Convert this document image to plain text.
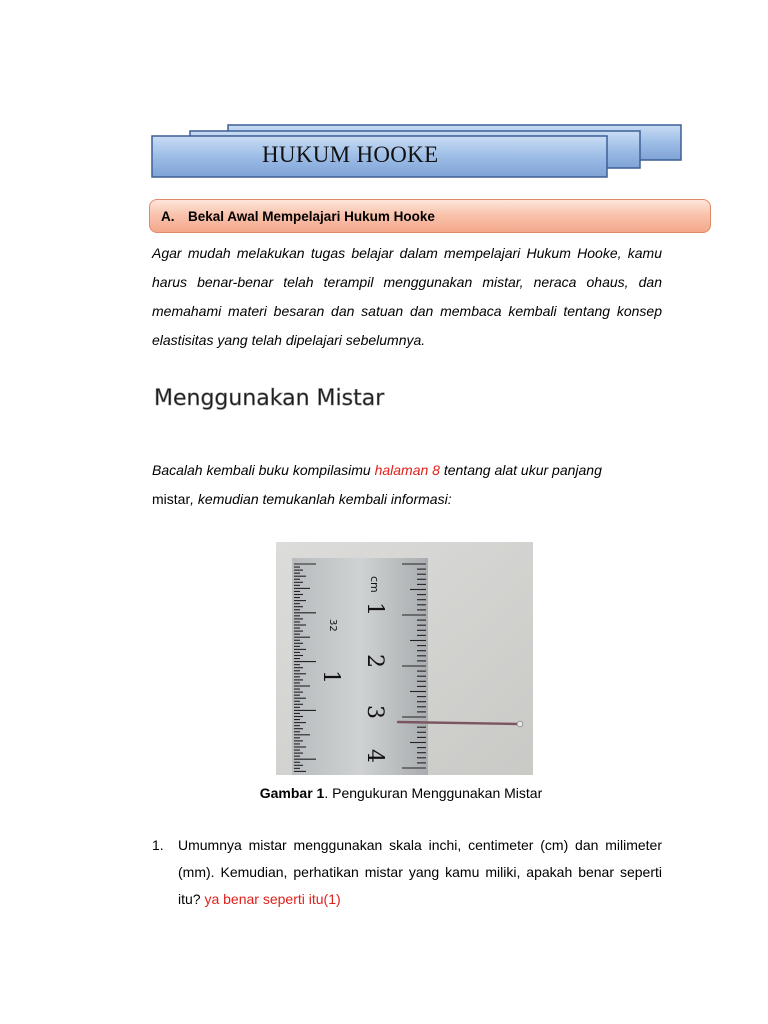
HUKUM HOOKE
A. Bekal Awal Mempelajari Hukum Hooke
Agar mudah melakukan tugas belajar dalam mempelajari Hukum Hooke, kamu harus benar-benar telah terampil menggunakan mistar, neraca ohaus, dan memahami materi besaran dan satuan dan membaca kembali tentang konsep elastisitas yang telah dipelajari sebelumnya.
Menggunakan Mistar
Bacalah kembali buku kompilasimu halaman 8 tentang alat ukur panjang
mistar, kemudian temukanlah kembali informasi:
cm
1
2
3
4
32
1
Gambar 1. Pengukuran Menggunakan Mistar
1. Umumnya mistar menggunakan skala inchi, centimeter (cm) dan milimeter (mm). Kemudian, perhatikan mistar yang kamu miliki, apakah benar seperti itu? ya benar seperti itu(1)
